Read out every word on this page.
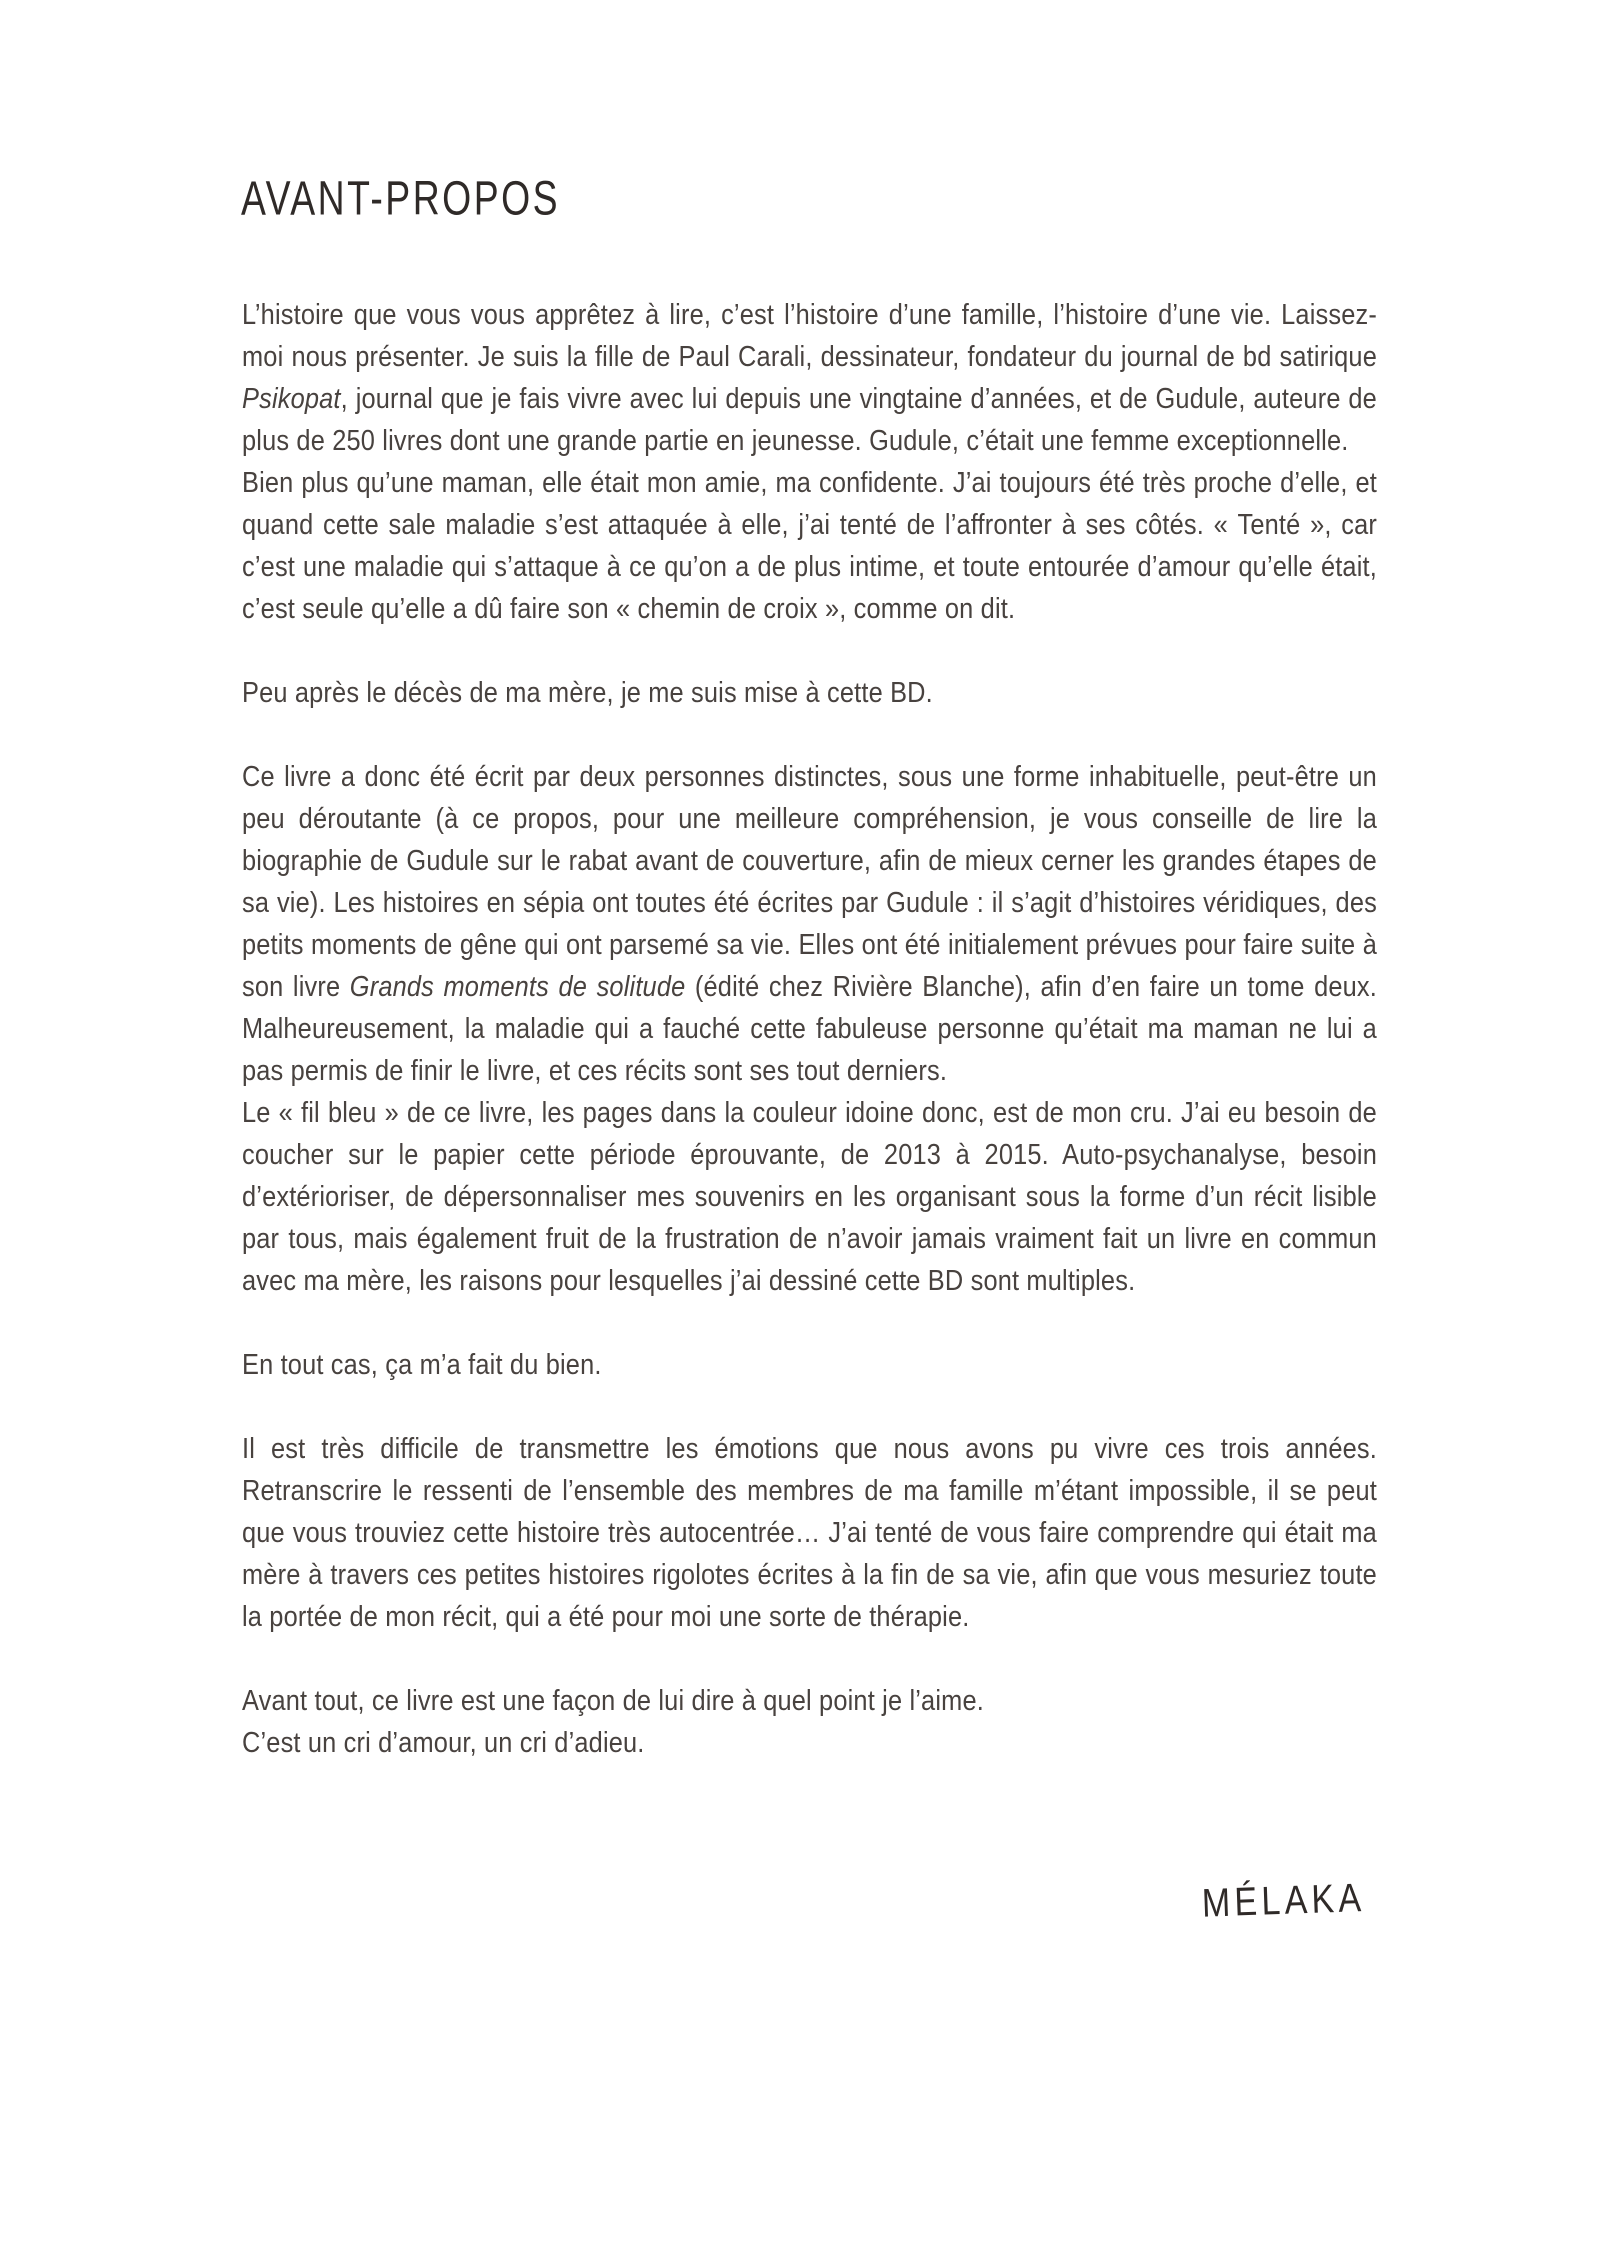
AVANT-PROPOS

L’histoire que vous vous apprêtez à lire, c’est l’histoire d’une famille, l’histoire d’une vie. Laissez-moi nous présenter. Je suis la fille de Paul Carali, dessinateur, fondateur du journal de bd satirique Psikopat, journal que je fais vivre avec lui depuis une vingtaine d’années, et de Gudule, auteure de plus de 250 livres dont une grande partie en jeunesse. Gudule, c’était une femme exceptionnelle.

Bien plus qu’une maman, elle était mon amie, ma confidente. J’ai toujours été très proche d’elle, et quand cette sale maladie s’est attaquée à elle, j’ai tenté de l’affronter à ses côtés. « Tenté », car c’est une maladie qui s’attaque à ce qu’on a de plus intime, et toute entourée d’amour qu’elle était, c’est seule qu’elle a dû faire son « chemin de croix », comme on dit.

Peu après le décès de ma mère, je me suis mise à cette BD.

Ce livre a donc été écrit par deux personnes distinctes, sous une forme inhabituelle, peut-être un peu déroutante (à ce propos, pour une meilleure compréhension, je vous conseille de lire la biographie de Gudule sur le rabat avant de couverture, afin de mieux cerner les grandes étapes de sa vie). Les histoires en sépia ont toutes été écrites par Gudule : il s’agit d’histoires véridiques, des petits moments de gêne qui ont parsemé sa vie. Elles ont été initialement prévues pour faire suite à son livre Grands moments de solitude (édité chez Rivière Blanche), afin d’en faire un tome deux. Malheureusement, la maladie qui a fauché cette fabuleuse personne qu’était ma maman ne lui a pas permis de finir le livre, et ces récits sont ses tout derniers.

Le « fil bleu » de ce livre, les pages dans la couleur idoine donc, est de mon cru. J’ai eu besoin de coucher sur le papier cette période éprouvante, de 2013 à 2015. Auto-psychanalyse, besoin d’extérioriser, de dépersonnaliser mes souvenirs en les organisant sous la forme d’un récit lisible par tous, mais également fruit de la frustration de n’avoir jamais vraiment fait un livre en commun avec ma mère, les raisons pour lesquelles j’ai dessiné cette BD sont multiples.

En tout cas, ça m’a fait du bien.

Il est très difficile de transmettre les émotions que nous avons pu vivre ces trois années. Retranscrire le ressenti de l’ensemble des membres de ma famille m’étant impossible, il se peut que vous trouviez cette histoire très autocentrée… J’ai tenté de vous faire comprendre qui était ma mère à travers ces petites histoires rigolotes écrites à la fin de sa vie, afin que vous mesuriez toute la portée de mon récit, qui a été pour moi une sorte de thérapie.

Avant tout, ce livre est une façon de lui dire à quel point je l’aime.

C’est un cri d’amour, un cri d’adieu.

MÉLAKA
